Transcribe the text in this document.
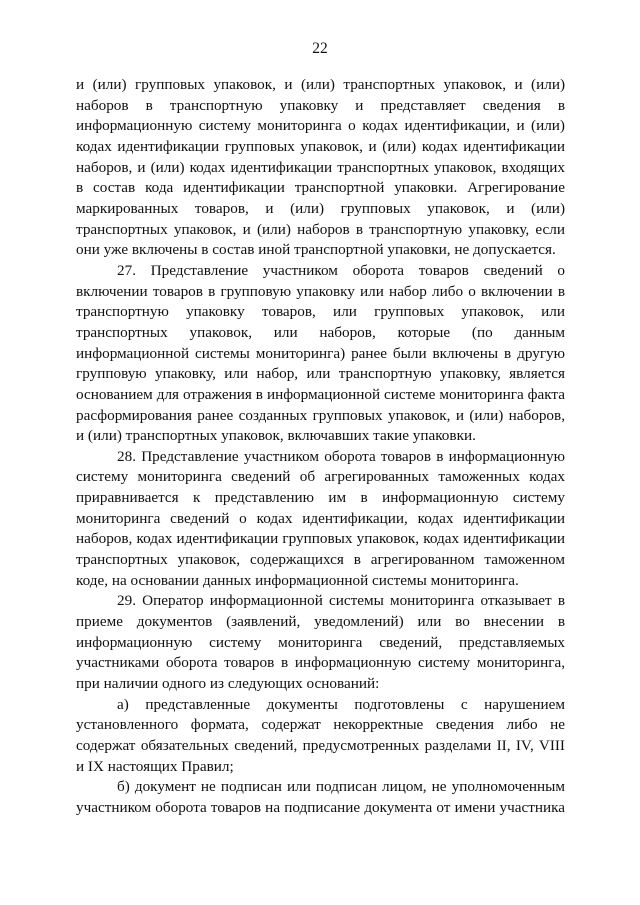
22

и (или) групповых упаковок, и (или) транспортных упаковок, и (или) наборов в транспортную упаковку и представляет сведения в информационную систему мониторинга о кодах идентификации, и (или) кодах идентификации групповых упаковок, и (или) кодах идентификации наборов, и (или) кодах идентификации транспортных упаковок, входящих в состав кода идентификации транспортной упаковки. Агрегирование маркированных товаров, и (или) групповых упаковок, и (или) транспортных упаковок, и (или) наборов в транспортную упаковку, если они уже включены в состав иной транспортной упаковки, не допускается.

27. Представление участником оборота товаров сведений о включении товаров в групповую упаковку или набор либо о включении в транспортную упаковку товаров, или групповых упаковок, или транспортных упаковок, или наборов, которые (по данным информационной системы мониторинга) ранее были включены в другую групповую упаковку, или набор, или транспортную упаковку, является основанием для отражения в информационной системе мониторинга факта расформирования ранее созданных групповых упаковок, и (или) наборов, и (или) транспортных упаковок, включавших такие упаковки.

28. Представление участником оборота товаров в информационную систему мониторинга сведений об агрегированных таможенных кодах приравнивается к представлению им в информационную систему мониторинга сведений о кодах идентификации, кодах идентификации наборов, кодах идентификации групповых упаковок, кодах идентификации транспортных упаковок, содержащихся в агрегированном таможенном коде, на основании данных информационной системы мониторинга.

29. Оператор информационной системы мониторинга отказывает в приеме документов (заявлений, уведомлений) или во внесении в информационную систему мониторинга сведений, представляемых участниками оборота товаров в информационную систему мониторинга, при наличии одного из следующих оснований:

а) представленные документы подготовлены с нарушением установленного формата, содержат некорректные сведения либо не содержат обязательных сведений, предусмотренных разделами II, IV, VIII и IX настоящих Правил;

б) документ не подписан или подписан лицом, не уполномоченным участником оборота товаров на подписание документа от имени участника
